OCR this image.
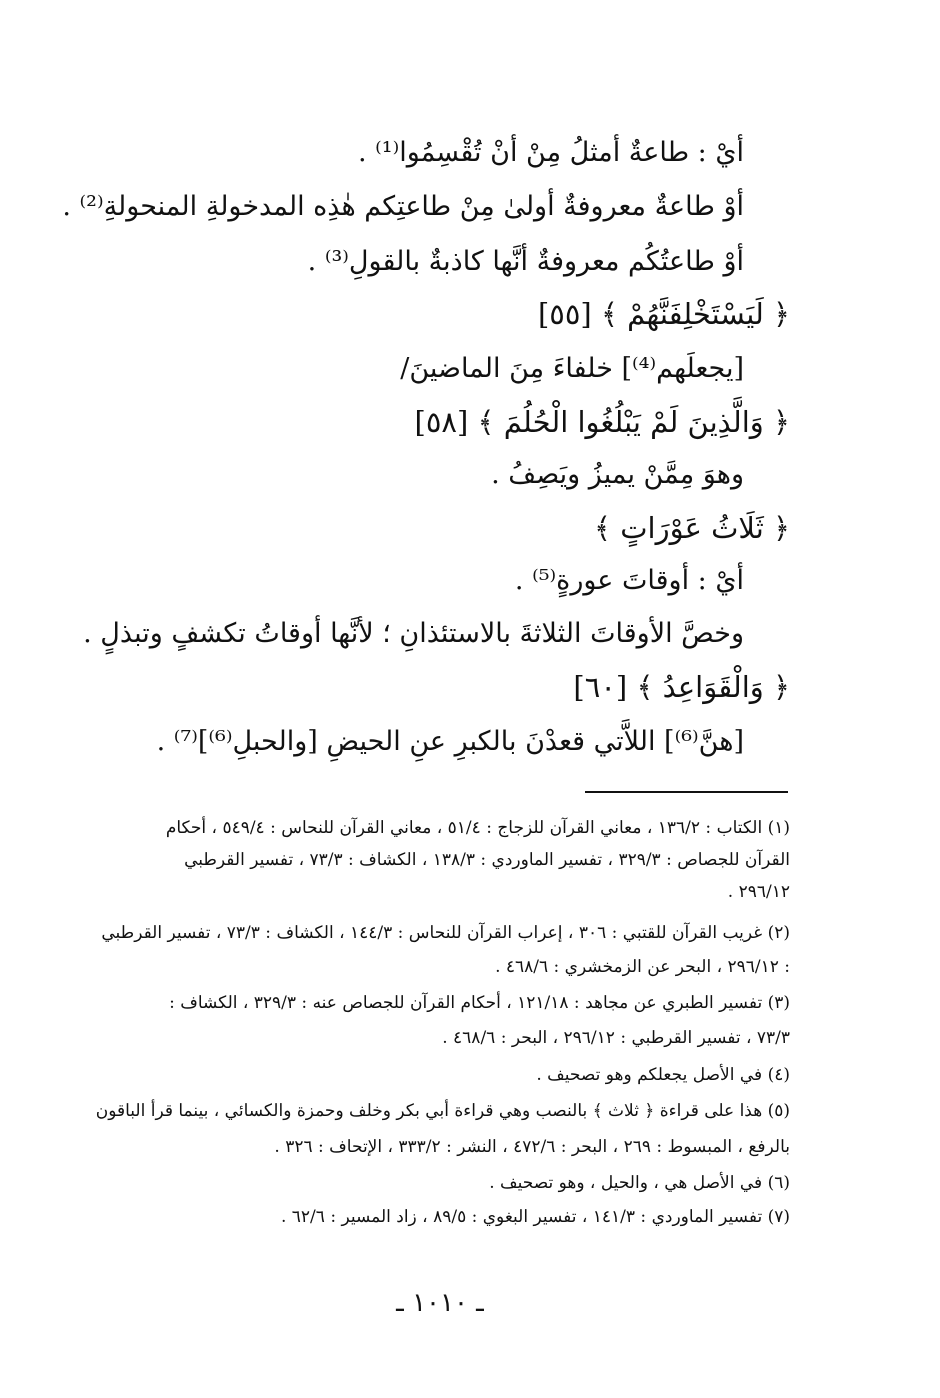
أيْ : طاعةٌ أمثلُ مِنْ أنْ تُقْسِمُوا⁽¹⁾ .
أوْ طاعةٌ معروفةٌ أولىٰ مِنْ طاعتِكم هٰذِه المدخولةِ المنحولةِ⁽²⁾ .
أوْ طاعتُكُم معروفةٌ أنَّها كاذبةٌ بالقولِ⁽³⁾ .
﴿ لَيَسْتَخْلِفَنَّهُمْ ﴾ [٥٥]
[يجعلَهم⁽⁴⁾] خلفاءَ مِنَ الماضينَ/
﴿ وَالَّذِينَ لَمْ يَبْلُغُوا الْحُلُمَ ﴾ [٥٨]
وهوَ مِمَّنْ يميزُ ويَصِفُ .
﴿ ثَلَاثُ عَوْرَاتٍ ﴾
أيْ : أوقاتَ عورةٍ⁽⁵⁾ .
وخصَّ الأوقاتَ الثلاثةَ بالاستئذانِ ؛ لأنَّها أوقاتُ تكشفٍ وتبذلٍ .
﴿ وَالْقَوَاعِدُ ﴾ [٦٠]
[هنَّ⁽⁶⁾] اللاَّتي قعدْنَ بالكبرِ عنِ الحيضِ [والحبلِ⁽⁶⁾]⁽⁷⁾ .
(١) الكتاب : ١٣٦/٢ ، معاني القرآن للزجاج : ٥١/٤ ، معاني القرآن للنحاس : ٥٤٩/٤ ، أحكام
القرآن للجصاص : ٣٢٩/٣ ، تفسير الماوردي : ١٣٨/٣ ، الكشاف : ٧٣/٣ ، تفسير القرطبي
٢٩٦/١٢ .
(٢) غريب القرآن للقتبي : ٣٠٦ ، إعراب القرآن للنحاس : ١٤٤/٣ ، الكشاف : ٧٣/٣ ، تفسير القرطبي
: ٢٩٦/١٢ ، البحر عن الزمخشري : ٤٦٨/٦ .
(٣) تفسير الطبري عن مجاهد : ١٢١/١٨ ، أحكام القرآن للجصاص عنه : ٣٢٩/٣ ، الكشاف :
٧٣/٣ ، تفسير القرطبي : ٢٩٦/١٢ ، البحر : ٤٦٨/٦ .
(٤) في الأصل يجعلكم وهو تصحيف .
(٥) هذا على قراءة ﴿ ثلاث ﴾ بالنصب وهي قراءة أبي بكر وخلف وحمزة والكسائي ، بينما قرأ الباقون
بالرفع ، المبسوط : ٢٦٩ ، البحر : ٤٧٢/٦ ، النشر : ٣٣٣/٢ ، الإتحاف : ٣٢٦ .
(٦) في الأصل هي ، والحيل ، وهو تصحيف .
(٧) تفسير الماوردي : ١٤١/٣ ، تفسير البغوي : ٨٩/٥ ، زاد المسير : ٦٢/٦ .
ـ ١٠١٠ ـ
